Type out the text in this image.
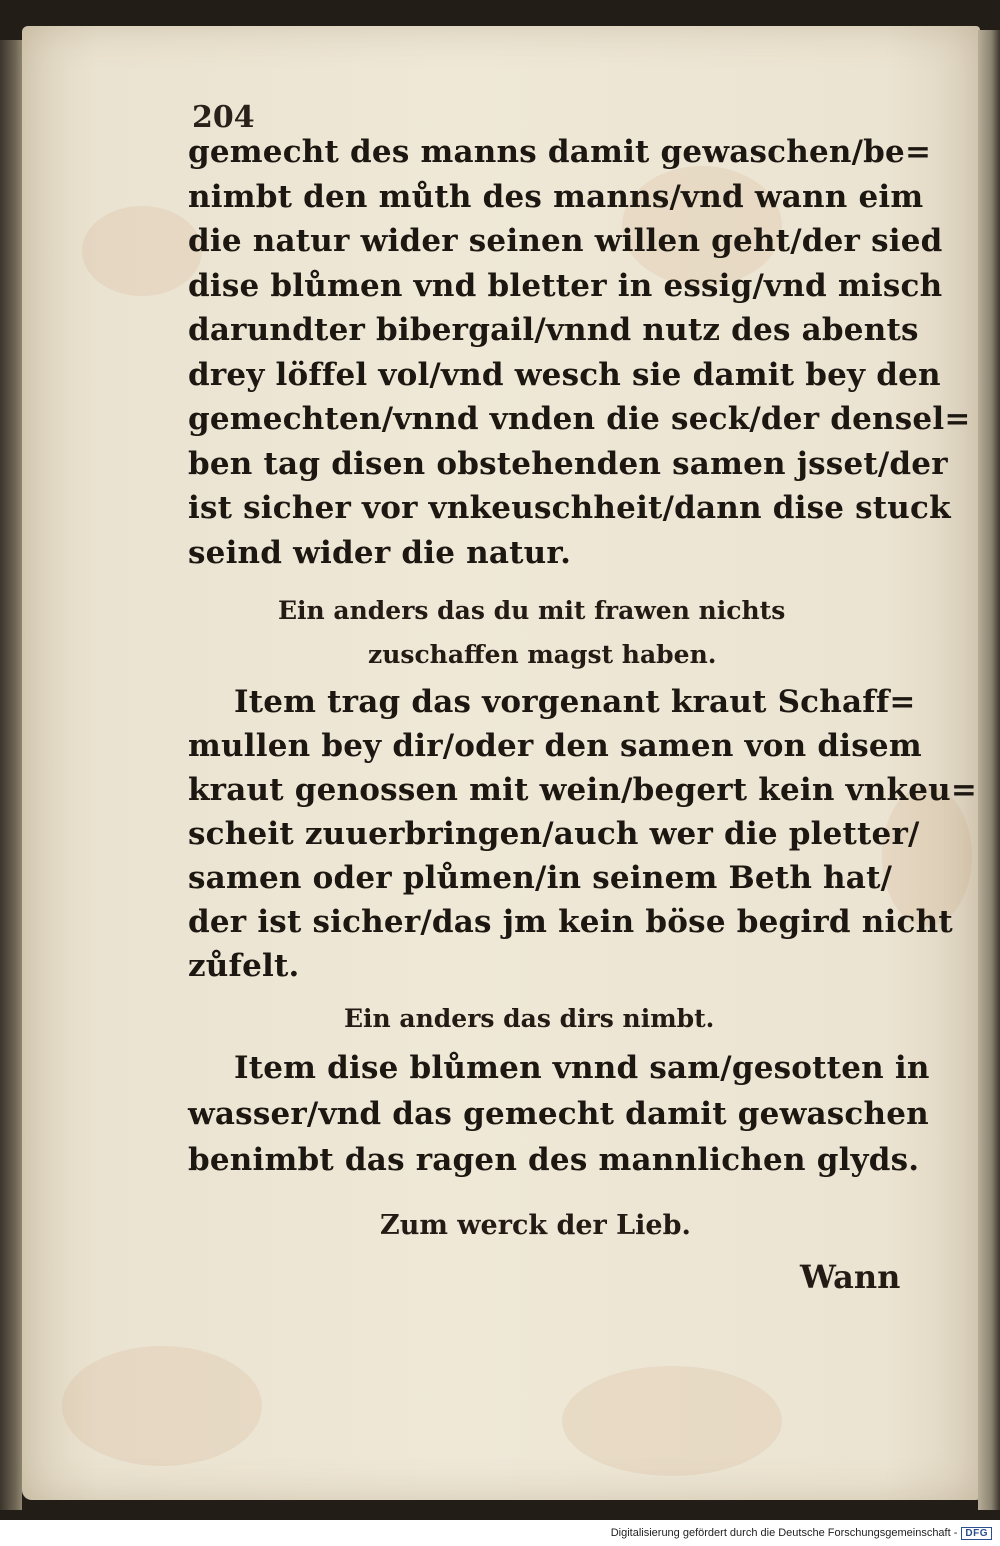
204
gemecht des manns damit gewaschen/be=
nimbt den můth des manns/vnd wann eim
die natur wider seinen willen geht/der sied
dise blůmen vnd bletter in essig/vnd misch
darundter bibergail/vnnd nutz des abents
drey löffel vol/vnd wesch sie damit bey den
gemechten/vnnd vnden die seck/der densel=
ben tag disen obstehenden samen jsset/der
ist sicher vor vnkeuschheit/dann dise stuck
seind wider die natur.
Ein anders das du mit frawen nichts
zuschaffen magst haben.
Item trag das vorgenant kraut Schaff=
mullen bey dir/oder den samen von disem
kraut genossen mit wein/begert kein vnkeu=
scheit zuuerbringen/auch wer die pletter/
samen oder plůmen/in seinem Beth hat/
der ist sicher/das jm kein böse begird nicht
zůfelt.
Ein anders das dirs nimbt.
Item dise blůmen vnnd sam/gesotten in
wasser/vnd das gemecht damit gewaschen
benimbt das ragen des mannlichen glyds.
Zum werck der Lieb.
Wann
Digitalisierung gefördert durch die Deutsche Forschungsgemeinschaft - DFG
